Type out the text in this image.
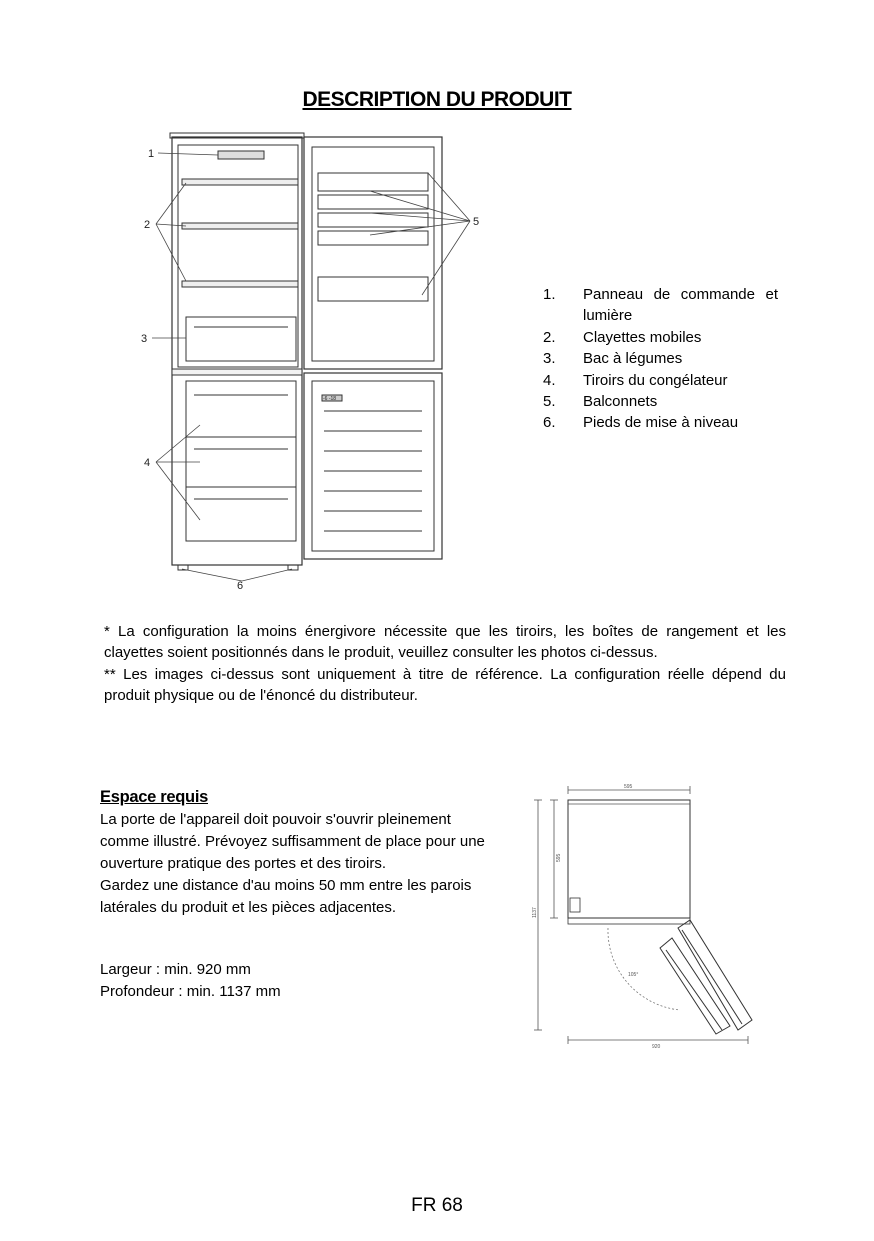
DESCRIPTION DU PRODUIT
1
2
3
4
5
6
-6 -18
1.	Panneau de commande et lumière
2.	Clayettes mobiles
3.	Bac à légumes
4.	Tiroirs du congélateur
5.	Balconnets
6.	Pieds de mise à niveau

* La configuration la moins énergivore nécessite que les tiroirs, les boîtes de rangement et les clayettes soient positionnés dans le produit, veuillez consulter les photos ci-dessus.

** Les images ci-dessus sont uniquement à titre de référence. La configuration réelle dépend du produit physique ou de l'énoncé du distributeur.

Espace requis

La porte de l'appareil doit pouvoir s'ouvrir pleinement comme illustré. Prévoyez suffisamment de place pour une ouverture pratique des portes et des tiroirs.

Gardez une distance d'au moins 50 mm entre les parois latérales du produit et les pièces adjacentes.

Largeur : min. 920 mm

Profondeur : min. 1137 mm

595
595
1137
920
105°
FR 68
